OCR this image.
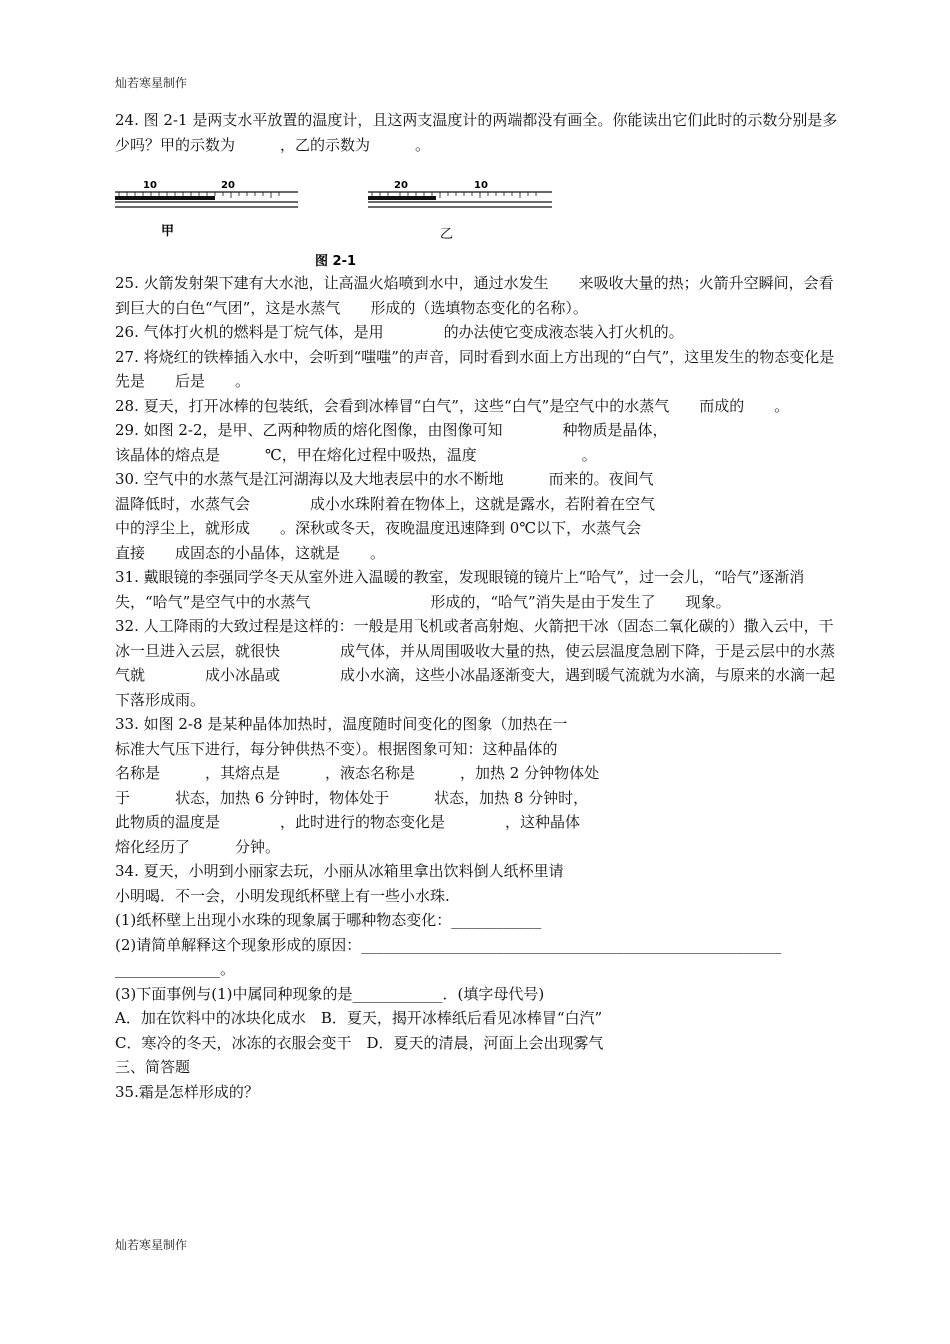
灿若寒星制作

24. 图 2-1 是两支水平放置的温度计，且这两支温度计的两端都没有画全。你能读出它们此时的示数分别是多少吗？甲的示数为　　　，乙的示数为　　　。

10	20
甲
20	10
乙
图 2-1

25. 火箭发射架下建有大水池，让高温火焰喷到水中，通过水发生　　来吸收大量的热；火箭升空瞬间，会看到巨大的白色“气团”，这是水蒸气　　形成的（选填物态变化的名称）。

26. 气体打火机的燃料是丁烷气体，是用　　　　的办法使它变成液态装入打火机的。

27. 将烧红的铁棒插入水中，会听到“嗤嗤”的声音，同时看到水面上方出现的“白气”，这里发生的物态变化是先是　　后是　　。

28. 夏天，打开冰棒的包装纸，会看到冰棒冒“白气”，这些“白气”是空气中的水蒸气　　而成的　　。

29. 如图 2-2，是甲、乙两种物质的熔化图像，由图像可知　　　　种物质是晶体，

该晶体的熔点是　　　℃，甲在熔化过程中吸热，温度　　　　　　　。

30. 空气中的水蒸气是江河湖海以及大地表层中的水不断地　　　而来的。夜间气

温降低时，水蒸气会　　　　成小水珠附着在物体上，这就是露水，若附着在空气

中的浮尘上，就形成　　。深秋或冬天，夜晚温度迅速降到 0℃以下，水蒸气会

直接　　成固态的小晶体，这就是　　。

31. 戴眼镜的李强同学冬天从室外进入温暖的教室，发现眼镜的镜片上“哈气”，过一会儿，“哈气”逐渐消失，“哈气”是空气中的水蒸气　　　　　　　　形成的，“哈气”消失是由于发生了　　现象。

32. 人工降雨的大致过程是这样的：一般是用飞机或者高射炮、火箭把干冰（固态二氧化碳的）撒入云中，干冰一旦进入云层，就很快　　　　成气体，并从周围吸收大量的热，使云层温度急剧下降，于是云层中的水蒸气就　　　　成小冰晶或　　　　成小水滴，这些小冰晶逐渐变大，遇到暖气流就为水滴，与原来的水滴一起下落形成雨。

33. 如图 2-8 是某种晶体加热时，温度随时间变化的图象（加热在一

标准大气压下进行，每分钟供热不变）。根据图象可知：这种晶体的

名称是　　　，其熔点是　　　，液态名称是　　　，加热 2 分钟物体处

于　　　状态，加热 6 分钟时，物体处于　　　状态，加热 8 分钟时，

此物质的温度是　　　　，此时进行的物态变化是　　　　，这种晶体

熔化经历了　　　分钟。

34. 夏天，小明到小丽家去玩，小丽从冰箱里拿出饮料倒人纸杯里请

小明喝．不一会，小明发现纸杯壁上有一些小水珠.

(1)纸杯壁上出现小水珠的现象属于哪种物态变化：____________

(2)请简单解释这个现象形成的原因：________________________________________________________

______________。

(3)下面事例与(1)中属同种现象的是____________．(填字母代号)

A．加在饮料中的冰块化成水　B．夏天，揭开冰棒纸后看见冰棒冒“白汽”

C．寒冷的冬天，冰冻的衣服会变干　D．夏天的清晨，河面上会出现雾气

三、简答题

35.霜是怎样形成的？

灿若寒星制作
